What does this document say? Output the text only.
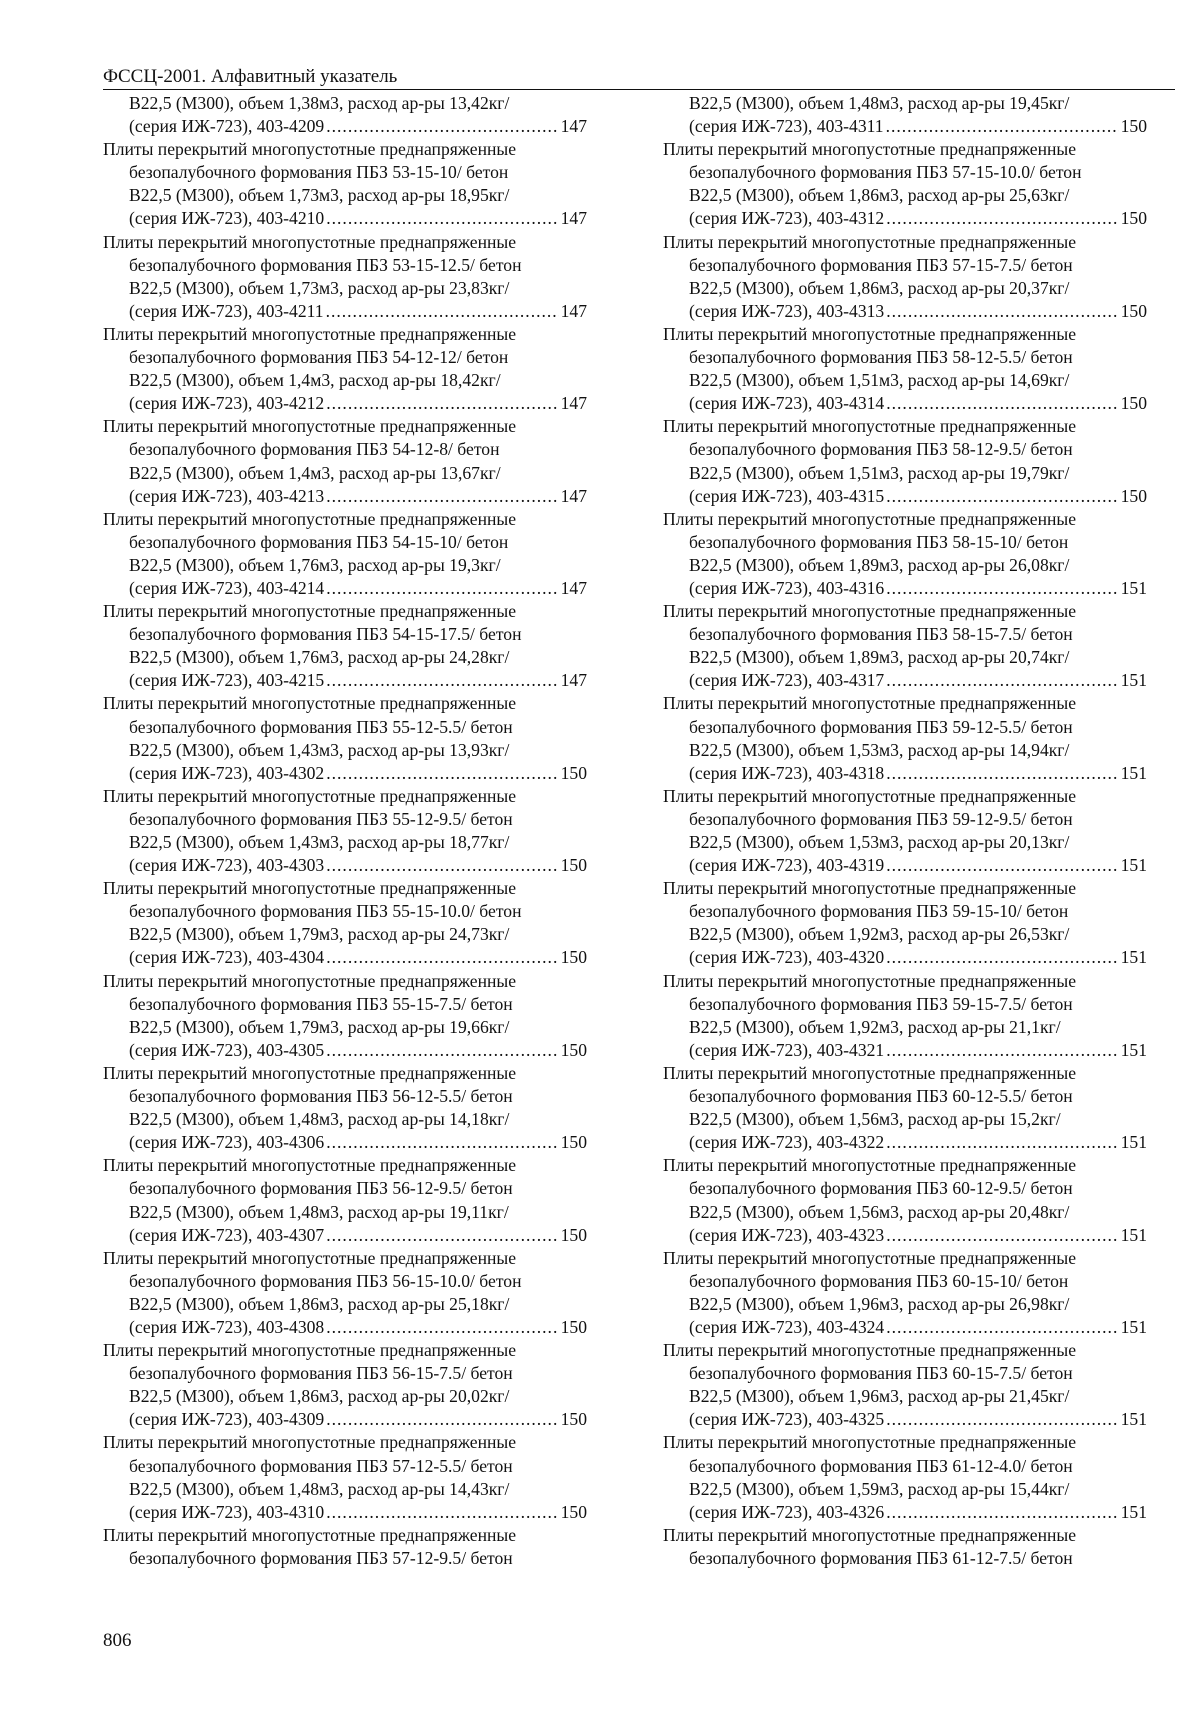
ФССЦ-2001. Алфавитный указатель
В22,5 (М300), объем 1,38м3, расход ар-ры 13,42кг/
(серия ИЖ-723), 403-4209 .....	147
Плиты перекрытий многопустотные преднапряженные
безопалубочного формования ПБЗ 53-15-10/ бетон
В22,5 (М300), объем 1,73м3, расход ар-ры 18,95кг/
(серия ИЖ-723), 403-4210 .....	147
Плиты перекрытий многопустотные преднапряженные
безопалубочного формования ПБЗ 53-15-12.5/ бетон
В22,5 (М300), объем 1,73м3, расход ар-ры 23,83кг/
(серия ИЖ-723), 403-4211 .....	147
Плиты перекрытий многопустотные преднапряженные
безопалубочного формования ПБЗ 54-12-12/ бетон
В22,5 (М300), объем 1,4м3, расход ар-ры 18,42кг/
(серия ИЖ-723), 403-4212 .....	147
Плиты перекрытий многопустотные преднапряженные
безопалубочного формования ПБЗ 54-12-8/ бетон
В22,5 (М300), объем 1,4м3, расход ар-ры 13,67кг/
(серия ИЖ-723), 403-4213 .....	147
Плиты перекрытий многопустотные преднапряженные
безопалубочного формования ПБЗ 54-15-10/ бетон
В22,5 (М300), объем 1,76м3, расход ар-ры 19,3кг/
(серия ИЖ-723), 403-4214 .....	147
Плиты перекрытий многопустотные преднапряженные
безопалубочного формования ПБЗ 54-15-17.5/ бетон
В22,5 (М300), объем 1,76м3, расход ар-ры 24,28кг/
(серия ИЖ-723), 403-4215 .....	147
Плиты перекрытий многопустотные преднапряженные
безопалубочного формования ПБЗ 55-12-5.5/ бетон
В22,5 (М300), объем 1,43м3, расход ар-ры 13,93кг/
(серия ИЖ-723), 403-4302 .....	150
Плиты перекрытий многопустотные преднапряженные
безопалубочного формования ПБЗ 55-12-9.5/ бетон
В22,5 (М300), объем 1,43м3, расход ар-ры 18,77кг/
(серия ИЖ-723), 403-4303 .....	150
Плиты перекрытий многопустотные преднапряженные
безопалубочного формования ПБЗ 55-15-10.0/ бетон
В22,5 (М300), объем 1,79м3, расход ар-ры 24,73кг/
(серия ИЖ-723), 403-4304 .....	150
Плиты перекрытий многопустотные преднапряженные
безопалубочного формования ПБЗ 55-15-7.5/ бетон
В22,5 (М300), объем 1,79м3, расход ар-ры 19,66кг/
(серия ИЖ-723), 403-4305 .....	150
Плиты перекрытий многопустотные преднапряженные
безопалубочного формования ПБЗ 56-12-5.5/ бетон
В22,5 (М300), объем 1,48м3, расход ар-ры 14,18кг/
(серия ИЖ-723), 403-4306 .....	150
Плиты перекрытий многопустотные преднапряженные
безопалубочного формования ПБЗ 56-12-9.5/ бетон
В22,5 (М300), объем 1,48м3, расход ар-ры 19,11кг/
(серия ИЖ-723), 403-4307 .....	150
Плиты перекрытий многопустотные преднапряженные
безопалубочного формования ПБЗ 56-15-10.0/ бетон
В22,5 (М300), объем 1,86м3, расход ар-ры 25,18кг/
(серия ИЖ-723), 403-4308 .....	150
Плиты перекрытий многопустотные преднапряженные
безопалубочного формования ПБЗ 56-15-7.5/ бетон
В22,5 (М300), объем 1,86м3, расход ар-ры 20,02кг/
(серия ИЖ-723), 403-4309 .....	150
Плиты перекрытий многопустотные преднапряженные
безопалубочного формования ПБЗ 57-12-5.5/ бетон
В22,5 (М300), объем 1,48м3, расход ар-ры 14,43кг/
(серия ИЖ-723), 403-4310 .....	150
Плиты перекрытий многопустотные преднапряженные
безопалубочного формования ПБЗ 57-12-9.5/ бетон
В22,5 (М300), объем 1,48м3, расход ар-ры 19,45кг/
(серия ИЖ-723), 403-4311 .....	150
Плиты перекрытий многопустотные преднапряженные
безопалубочного формования ПБЗ 57-15-10.0/ бетон
В22,5 (М300), объем 1,86м3, расход ар-ры 25,63кг/
(серия ИЖ-723), 403-4312 .....	150
Плиты перекрытий многопустотные преднапряженные
безопалубочного формования ПБЗ 57-15-7.5/ бетон
В22,5 (М300), объем 1,86м3, расход ар-ры 20,37кг/
(серия ИЖ-723), 403-4313 .....	150
Плиты перекрытий многопустотные преднапряженные
безопалубочного формования ПБЗ 58-12-5.5/ бетон
В22,5 (М300), объем 1,51м3, расход ар-ры 14,69кг/
(серия ИЖ-723), 403-4314 .....	150
Плиты перекрытий многопустотные преднапряженные
безопалубочного формования ПБЗ 58-12-9.5/ бетон
В22,5 (М300), объем 1,51м3, расход ар-ры 19,79кг/
(серия ИЖ-723), 403-4315 .....	150
Плиты перекрытий многопустотные преднапряженные
безопалубочного формования ПБЗ 58-15-10/ бетон
В22,5 (М300), объем 1,89м3, расход ар-ры 26,08кг/
(серия ИЖ-723), 403-4316 .....	151
Плиты перекрытий многопустотные преднапряженные
безопалубочного формования ПБЗ 58-15-7.5/ бетон
В22,5 (М300), объем 1,89м3, расход ар-ры 20,74кг/
(серия ИЖ-723), 403-4317 .....	151
Плиты перекрытий многопустотные преднапряженные
безопалубочного формования ПБЗ 59-12-5.5/ бетон
В22,5 (М300), объем 1,53м3, расход ар-ры 14,94кг/
(серия ИЖ-723), 403-4318 .....	151
Плиты перекрытий многопустотные преднапряженные
безопалубочного формования ПБЗ 59-12-9.5/ бетон
В22,5 (М300), объем 1,53м3, расход ар-ры 20,13кг/
(серия ИЖ-723), 403-4319 .....	151
Плиты перекрытий многопустотные преднапряженные
безопалубочного формования ПБЗ 59-15-10/ бетон
В22,5 (М300), объем 1,92м3, расход ар-ры 26,53кг/
(серия ИЖ-723), 403-4320 .....	151
Плиты перекрытий многопустотные преднапряженные
безопалубочного формования ПБЗ 59-15-7.5/ бетон
В22,5 (М300), объем 1,92м3, расход ар-ры 21,1кг/
(серия ИЖ-723), 403-4321 .....	151
Плиты перекрытий многопустотные преднапряженные
безопалубочного формования ПБЗ 60-12-5.5/ бетон
В22,5 (М300), объем 1,56м3, расход ар-ры 15,2кг/
(серия ИЖ-723), 403-4322 .....	151
Плиты перекрытий многопустотные преднапряженные
безопалубочного формования ПБЗ 60-12-9.5/ бетон
В22,5 (М300), объем 1,56м3, расход ар-ры 20,48кг/
(серия ИЖ-723), 403-4323 .....	151
Плиты перекрытий многопустотные преднапряженные
безопалубочного формования ПБЗ 60-15-10/ бетон
В22,5 (М300), объем 1,96м3, расход ар-ры 26,98кг/
(серия ИЖ-723), 403-4324 .....	151
Плиты перекрытий многопустотные преднапряженные
безопалубочного формования ПБЗ 60-15-7.5/ бетон
В22,5 (М300), объем 1,96м3, расход ар-ры 21,45кг/
(серия ИЖ-723), 403-4325 .....	151
Плиты перекрытий многопустотные преднапряженные
безопалубочного формования ПБЗ 61-12-4.0/ бетон
В22,5 (М300), объем 1,59м3, расход ар-ры 15,44кг/
(серия ИЖ-723), 403-4326 .....	151
Плиты перекрытий многопустотные преднапряженные
безопалубочного формования ПБЗ 61-12-7.5/ бетон
806
